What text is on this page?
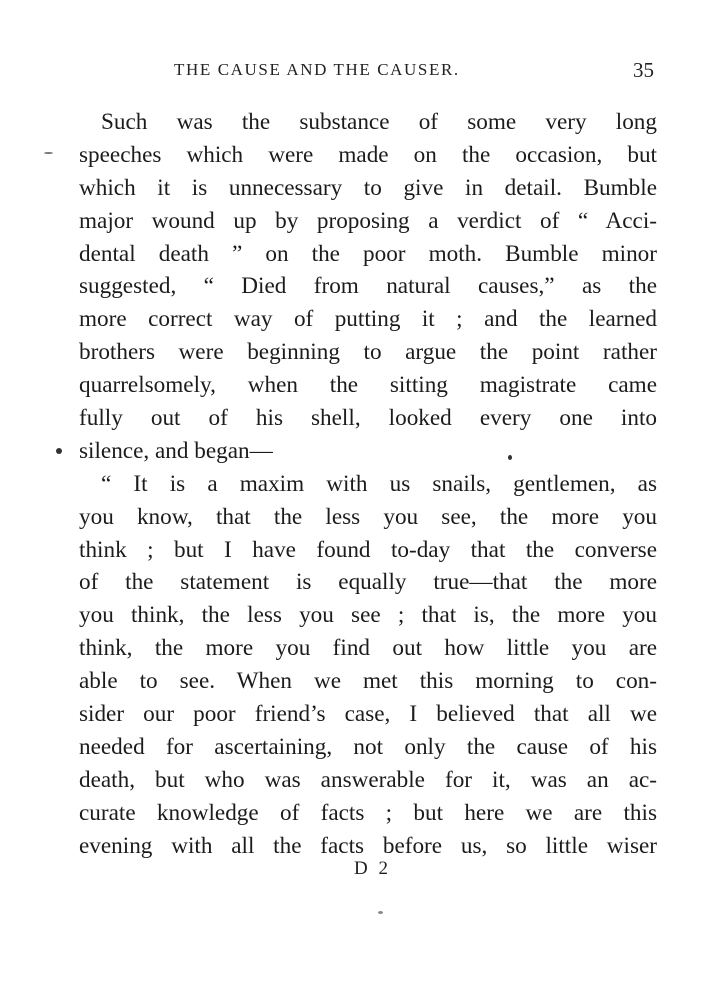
THE CAUSE AND THE CAUSER.	35
Such was the substance of some very long
speeches which were made on the occasion, but
which it is unnecessary to give in detail. Bumble
major wound up by proposing a verdict of “ Acci-
dental death ” on the poor moth. Bumble minor
suggested, “ Died from natural causes,” as the
more correct way of putting it ; and the learned
brothers were beginning to argue the point rather
quarrelsomely, when the sitting magistrate came
fully out of his shell, looked every one into
silence, and began—
“ It is a maxim with us snails, gentlemen, as
you know, that the less you see, the more you
think ; but I have found to-day that the converse
of the statement is equally true—that the more
you think, the less you see ; that is, the more you
think, the more you find out how little you are
able to see. When we met this morning to con-
sider our poor friend’s case, I believed that all we
needed for ascertaining, not only the cause of his
death, but who was answerable for it, was an ac-
curate knowledge of facts ; but here we are this
evening with all the facts before us, so little wiser
D 2
